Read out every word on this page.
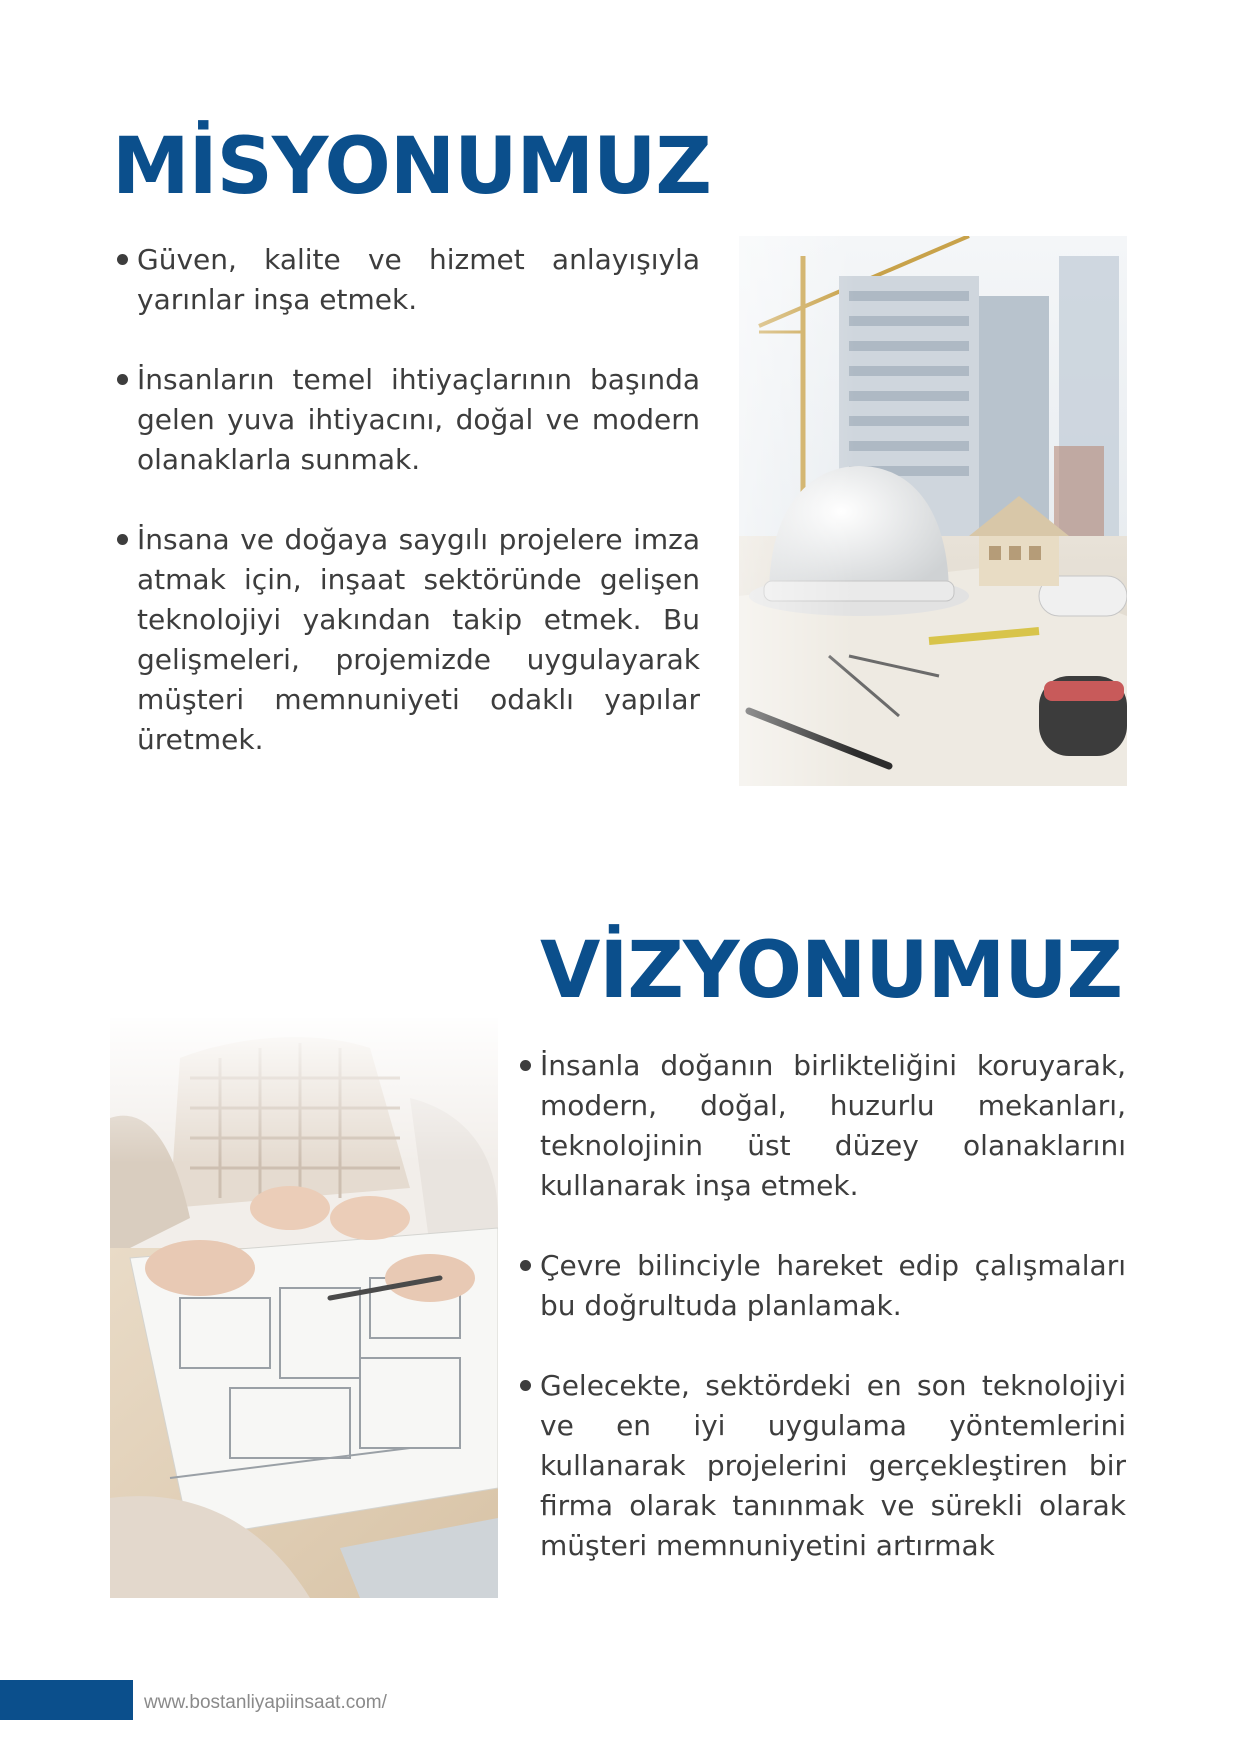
MİSYONUMUZ
Güven, kalite ve hizmet anlayışıyla yarınlar inşa etmek.
İnsanların temel ihtiyaçlarının başında gelen yuva ihtiyacını, doğal ve modern olanaklarla sunmak.
İnsana ve doğaya saygılı projelere imza atmak için, inşaat sektöründe gelişen teknolojiyi yakından takip etmek. Bu gelişmeleri, projemizde uygulayarak müşteri memnuniyeti odaklı yapılar üretmek.
VİZYONUMUZ
İnsanla doğanın birlikteliğini koruyarak, modern, doğal, huzurlu mekanları, teknolojinin üst düzey olanaklarını kullanarak inşa etmek.
Çevre bilinciyle hareket edip çalışmaları bu doğrultuda planlamak.
Gelecekte, sektördeki en son teknolojiyi ve en iyi uygulama yöntemlerini kullanarak projelerini gerçekleştiren bir firma olarak tanınmak ve sürekli olarak müşteri memnuniyetini artırmak
www.bostanliyapiinsaat.com/
